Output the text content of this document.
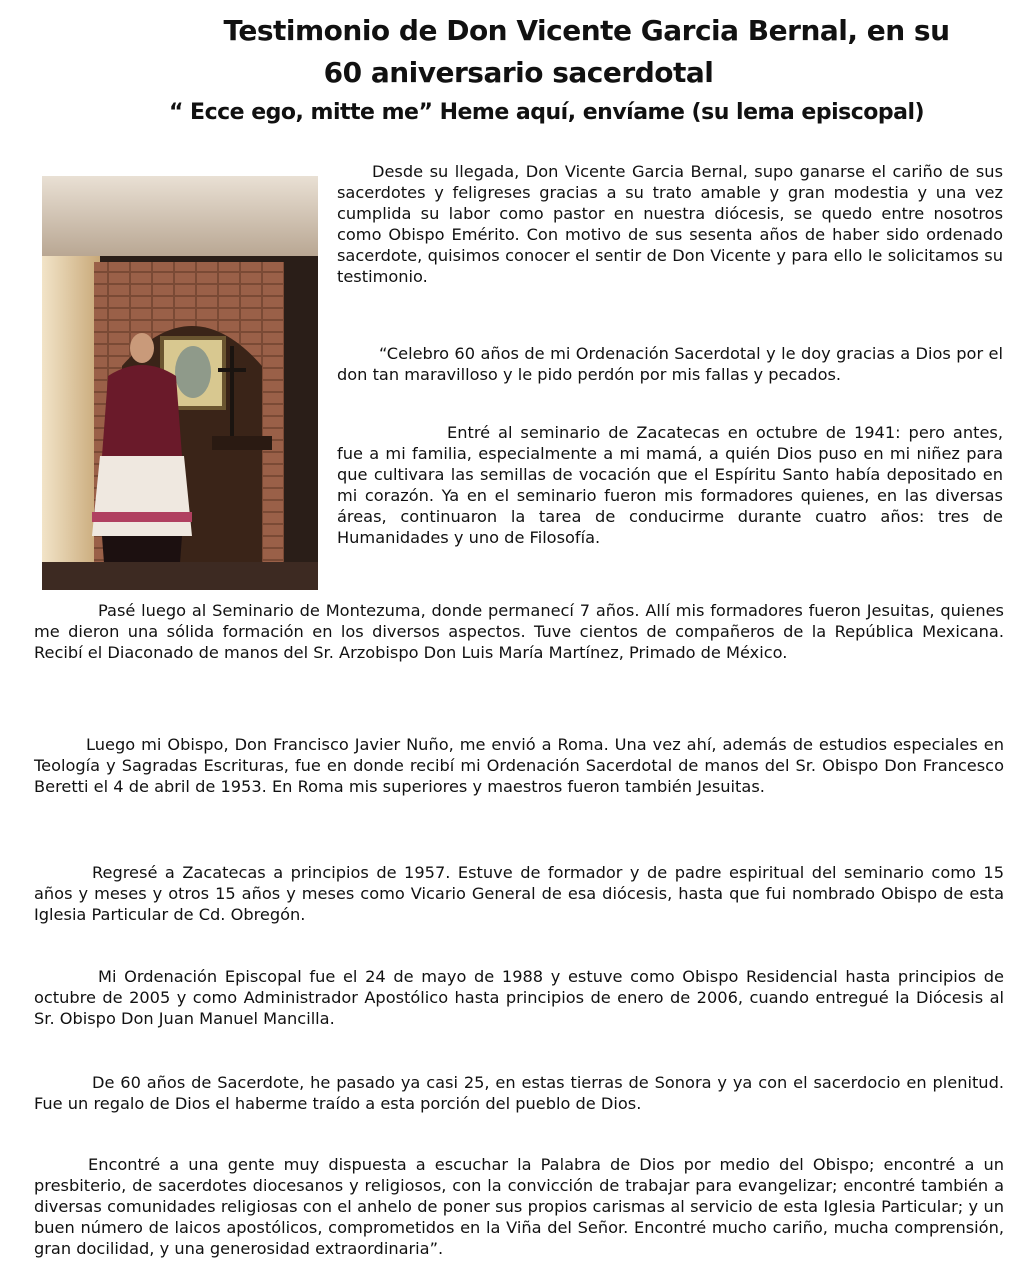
Testimonio de Don Vicente Garcia Bernal, en su
60 aniversario sacerdotal
“ Ecce ego, mitte me” Heme aquí, envíame (su lema episcopal)

Desde su llegada, Don Vicente Garcia Bernal, supo ganarse el cariño de sus sacerdotes y feligreses gracias a su trato amable y gran modestia y una vez cumplida su labor como pastor en nuestra diócesis, se quedo entre nosotros como Obispo Emérito. Con motivo de sus sesenta años de haber sido ordenado sacerdote, quisimos conocer el sentir de Don Vicente y para ello le solicitamos su testimonio.

“Celebro 60 años de mi Ordenación Sacerdotal y le doy gracias a Dios por el don tan maravilloso y le pido perdón por mis fallas y pecados.

Entré al seminario de Zacatecas en octubre de 1941: pero antes, fue a mi familia, especialmente a mi mamá, a quién Dios puso en mi niñez para que cultivara las semillas de vocación que el Espíritu Santo había depositado en mi corazón. Ya en el seminario fueron mis formadores quienes, en las diversas áreas, continuaron la tarea de conducirme durante cuatro años: tres de Humanidades y uno de Filosofía.

Pasé luego al Seminario de Montezuma, donde permanecí 7 años. Allí mis formadores fueron Jesuitas, quienes me dieron una sólida formación en los diversos aspectos. Tuve cientos de compañeros de la República Mexicana. Recibí el Diaconado de manos del Sr. Arzobispo Don Luis María Martínez, Primado de México.

Luego mi Obispo, Don Francisco Javier Nuño, me envió a Roma. Una vez ahí, además de estudios especiales en Teología y Sagradas Escrituras, fue en donde recibí mi Ordenación Sacerdotal de manos del Sr. Obispo Don Francesco Beretti el 4 de abril de 1953. En Roma mis superiores y maestros fueron también Jesuitas.

Regresé a Zacatecas a principios de 1957. Estuve de formador y de padre espiritual del seminario como 15 años y meses y otros 15 años y meses como Vicario General de esa diócesis, hasta que fui nombrado Obispo de esta Iglesia Particular de Cd. Obregón.

Mi Ordenación Episcopal fue el 24 de mayo de 1988 y estuve como Obispo Residencial hasta principios de octubre de 2005 y como Administrador Apostólico hasta principios de enero de 2006, cuando entregué la Diócesis al Sr. Obispo Don Juan Manuel Mancilla.

De 60 años de Sacerdote, he pasado ya casi 25, en estas tierras de Sonora y ya con el sacerdocio en plenitud. Fue un regalo de Dios el haberme traído a esta porción del pueblo de Dios.

Encontré a una gente muy dispuesta a escuchar la Palabra de Dios por medio del Obispo; encontré a un presbiterio, de sacerdotes diocesanos y religiosos, con la convicción de trabajar para evangelizar; encontré también a diversas comunidades religiosas con el anhelo de poner sus propios carismas al servicio de esta Iglesia Particular; y un buen número de laicos apostólicos, comprometidos en la Viña del Señor. Encontré mucho cariño, mucha comprensión, gran docilidad, y una generosidad extraordinaria”.
